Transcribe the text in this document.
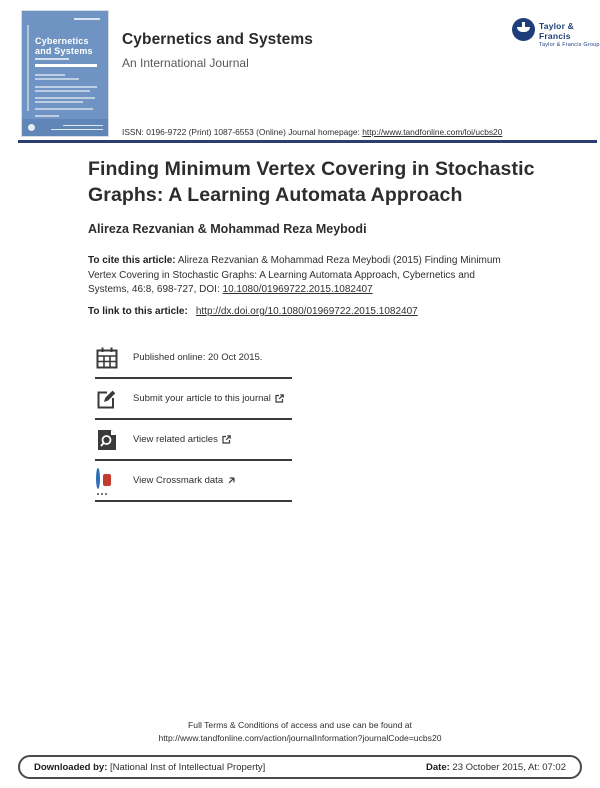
Cybernetics and Systems
Cybernetics and Systems
An International Journal
Taylor & Francis
Taylor & Francis Group
ISSN: 0196-9722 (Print) 1087-6553 (Online) Journal homepage: http://www.tandfonline.com/loi/ucbs20
Finding Minimum Vertex Covering in Stochastic
Graphs: A Learning Automata Approach
Alireza Rezvanian & Mohammad Reza Meybodi
To cite this article: Alireza Rezvanian & Mohammad Reza Meybodi (2015) Finding Minimum Vertex Covering in Stochastic Graphs: A Learning Automata Approach, Cybernetics and Systems, 46:8, 698-727, DOI: 10.1080/01969722.2015.1082407
To link to this article: http://dx.doi.org/10.1080/01969722.2015.1082407
Published online: 20 Oct 2015.
Submit your article to this journal
View related articles
View Crossmark data
Full Terms & Conditions of access and use can be found at
http://www.tandfonline.com/action/journalInformation?journalCode=ucbs20
Downloaded by: [National Inst of Intellectual Property]	Date: 23 October 2015, At: 07:02
